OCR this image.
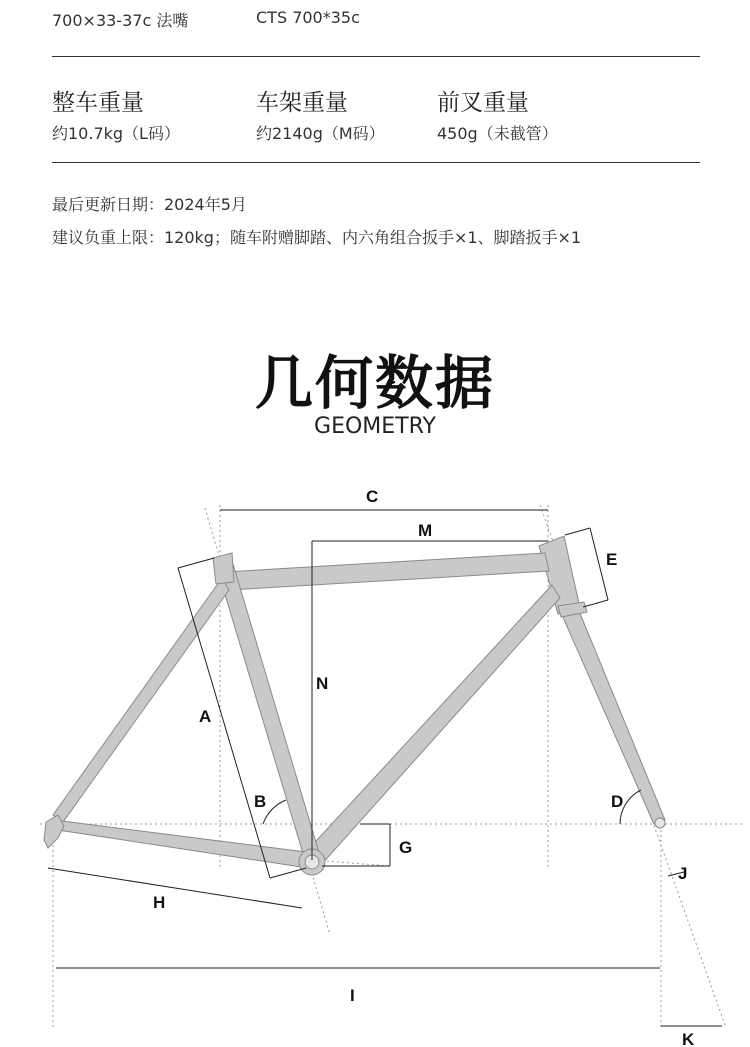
700×33-37c 法嘴	CTS 700*35c
整车重量
约10.7kg（L码）
车架重量
约2140g（M码）
前叉重量
450g（未截管）
最后更新日期：2024年5月
建议负重上限：120kg；随车附赠脚踏、内六角组合扳手×1、脚踏扳手×1
几何数据
GEOMETRY
C
M
E
N
A
B	D
G
J
H
I
K
